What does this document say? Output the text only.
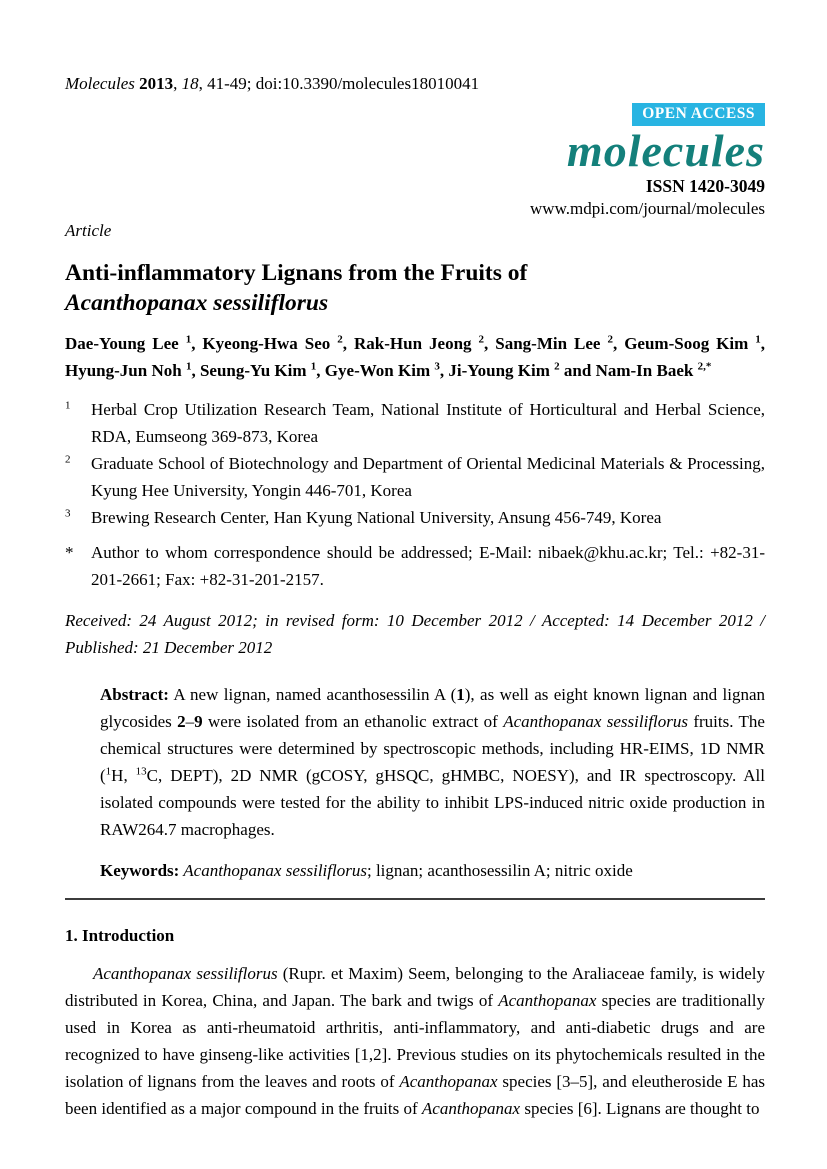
Molecules 2013, 18, 41-49; doi:10.3390/molecules18010041
OPEN ACCESS
molecules
ISSN 1420-3049
www.mdpi.com/journal/molecules
Article
Anti-inflammatory Lignans from the Fruits of
Acanthopanax sessiliflorus
Dae-Young Lee $^1$, Kyeong-Hwa Seo $^2$, Rak-Hun Jeong $^2$, Sang-Min Lee $^2$, Geum-Soog Kim $^1$, Hyung-Jun Noh $^1$, Seung-Yu Kim $^1$, Gye-Won Kim $^3$, Ji-Young Kim $^2$ and Nam-In Baek $^{2,*}$
$^1$	Herbal Crop Utilization Research Team, National Institute of Horticultural and Herbal Science, RDA, Eumseong 369-873, Korea
$^2$	Graduate School of Biotechnology and Department of Oriental Medicinal Materials & Processing, Kyung Hee University, Yongin 446-701, Korea
$^3$	Brewing Research Center, Han Kyung National University, Ansung 456-749, Korea
*	Author to whom correspondence should be addressed; E-Mail: nibaek@khu.ac.kr; Tel.: +82-31-201-2661; Fax: +82-31-201-2157.
Received: 24 August 2012; in revised form: 10 December 2012 / Accepted: 14 December 2012 / Published: 21 December 2012

Abstract: A new lignan, named acanthosessilin A (1), as well as eight known lignan and lignan glycosides 2–9 were isolated from an ethanolic extract of Acanthopanax sessiliflorus fruits. The chemical structures were determined by spectroscopic methods, including HR-EIMS, 1D NMR ($^1$H, $^{13}$C, DEPT), 2D NMR (gCOSY, gHSQC, gHMBC, NOESY), and IR spectroscopy. All isolated compounds were tested for the ability to inhibit LPS-induced nitric oxide production in RAW264.7 macrophages.

Keywords: Acanthopanax sessiliflorus; lignan; acanthosessilin A; nitric oxide

1. Introduction

Acanthopanax sessiliflorus (Rupr. et Maxim) Seem, belonging to the Araliaceae family, is widely distributed in Korea, China, and Japan. The bark and twigs of Acanthopanax species are traditionally used in Korea as anti-rheumatoid arthritis, anti-inflammatory, and anti-diabetic drugs and are recognized to have ginseng-like activities [1,2]. Previous studies on its phytochemicals resulted in the isolation of lignans from the leaves and roots of Acanthopanax species [3–5], and eleutheroside E has been identified as a major compound in the fruits of Acanthopanax species [6]. Lignans are thought to
